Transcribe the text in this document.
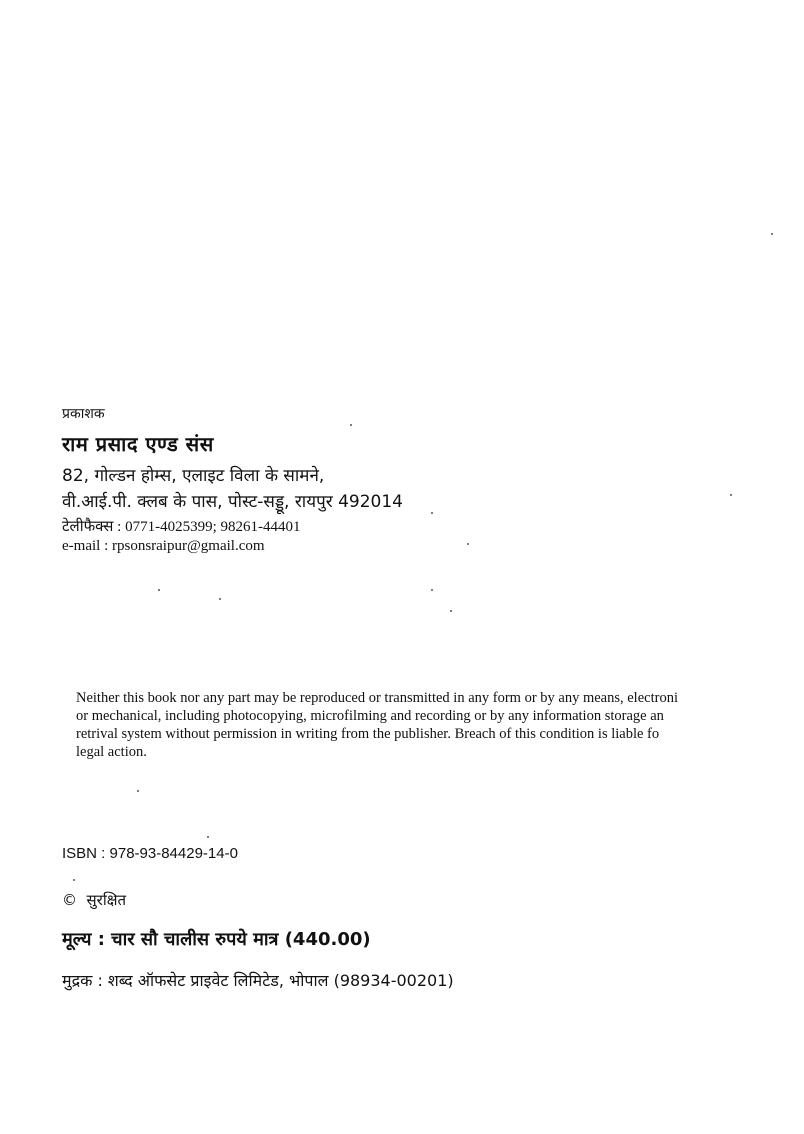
प्रकाशक
राम प्रसाद एण्ड संस
82, गोल्डन होम्स, एलाइट विला के सामने,
वी.आई.पी. क्लब के पास, पोस्ट-सड्डू, रायपुर 492014
टेलीफैक्स : 0771-4025399; 98261-44401
e-mail : rpsonsraipur@gmail.com

Neither this book nor any part may be reproduced or transmitted in any form or by any means, electroni

or mechanical, including photocopying, microfilming and recording or by any information storage an

retrival system without permission in writing from the publisher. Breach of this condition is liable fo

legal action.

ISBN : 978-93-84429-14-0
© सुरक्षित
मूल्य : चार सौ चालीस रुपये मात्र (440.00)
मुद्रक : शब्द ऑफसेट प्राइवेट लिमिटेड, भोपाल (98934-00201)
